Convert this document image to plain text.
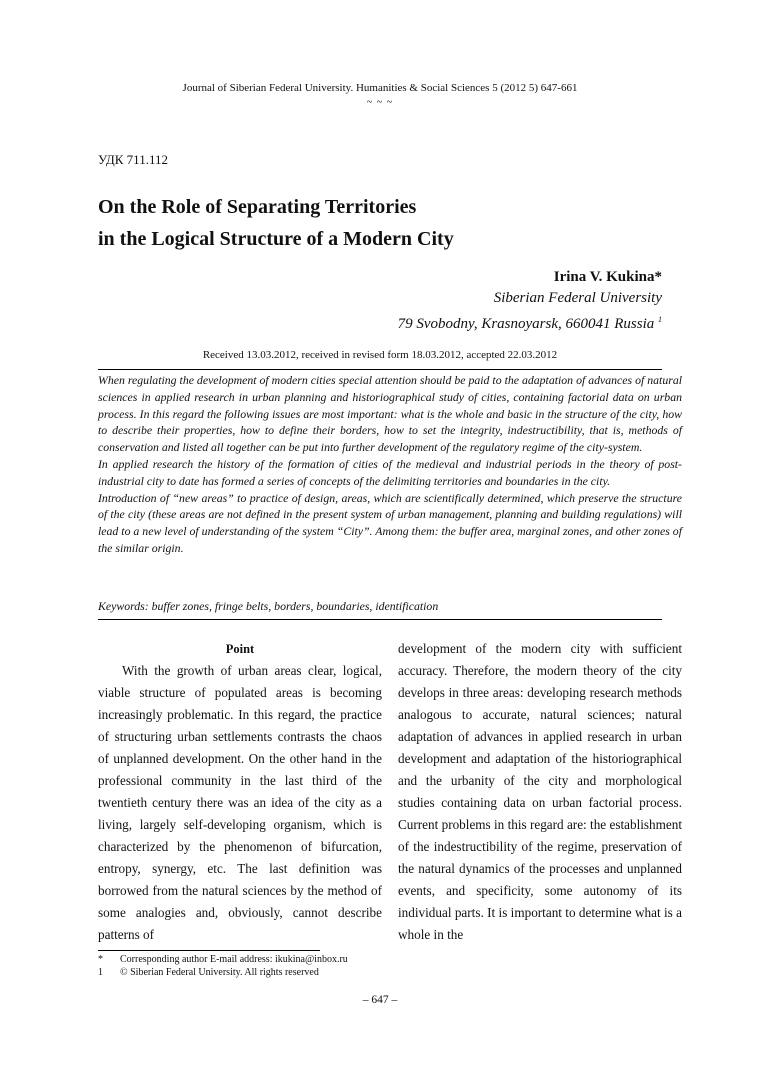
Journal of Siberian Federal University. Humanities & Social Sciences 5 (2012 5) 647-661
~ ~ ~
УДК 711.112
On the Role of Separating Territories
in the Logical Structure of a Modern City
Irina V. Kukina*
Siberian Federal University
79 Svobodny, Krasnoyarsk, 660041 Russia $^1$
Received 13.03.2012, received in revised form 18.03.2012, accepted 22.03.2012

When regulating the development of modern cities special attention should be paid to the adaptation of advances of natural sciences in applied research in urban planning and historiographical study of cities, containing factorial data on urban process. In this regard the following issues are most important: what is the whole and basic in the structure of the city, how to describe their properties, how to define their borders, how to set the integrity, indestructibility, that is, methods of conservation and listed all together can be put into further development of the regulatory regime of the city-system.

In applied research the history of the formation of cities of the medieval and industrial periods in the theory of post-industrial city to date has formed a series of concepts of the delimiting territories and boundaries in the city.

Introduction of “new areas” to practice of design, areas, which are scientifically determined, which preserve the structure of the city (these areas are not defined in the present system of urban management, planning and building regulations) will lead to a new level of understanding of the system “City”. Among them: the buffer area, marginal zones, and other zones of the similar origin.

Keywords: buffer zones, fringe belts, borders, boundaries, identification
Point

With the growth of urban areas clear, logical, viable structure of populated areas is becoming increasingly problematic. In this regard, the practice of structuring urban settlements contrasts the chaos of unplanned development. On the other hand in the professional community in the last third of the twentieth century there was an idea of the city as a living, largely self-developing organism, which is characterized by the phenomenon of bifurcation, entropy, synergy, etc. The last definition was borrowed from the natural sciences by the method of some analogies and, obviously, cannot describe patterns of

development of the modern city with sufficient accuracy. Therefore, the modern theory of the city develops in three areas: developing research methods analogous to accurate, natural sciences; natural adaptation of advances in applied research in urban development and adaptation of the historiographical and the urbanity of the city and morphological studies containing data on urban factorial process. Current problems in this regard are: the establishment of the indestructibility of the regime, preservation of the natural dynamics of the processes and unplanned events, and specificity, some autonomy of its individual parts. It is important to determine what is a whole in the

* Corresponding author E-mail address: ikukina@inbox.ru
1 © Siberian Federal University. All rights reserved
– 647 –
